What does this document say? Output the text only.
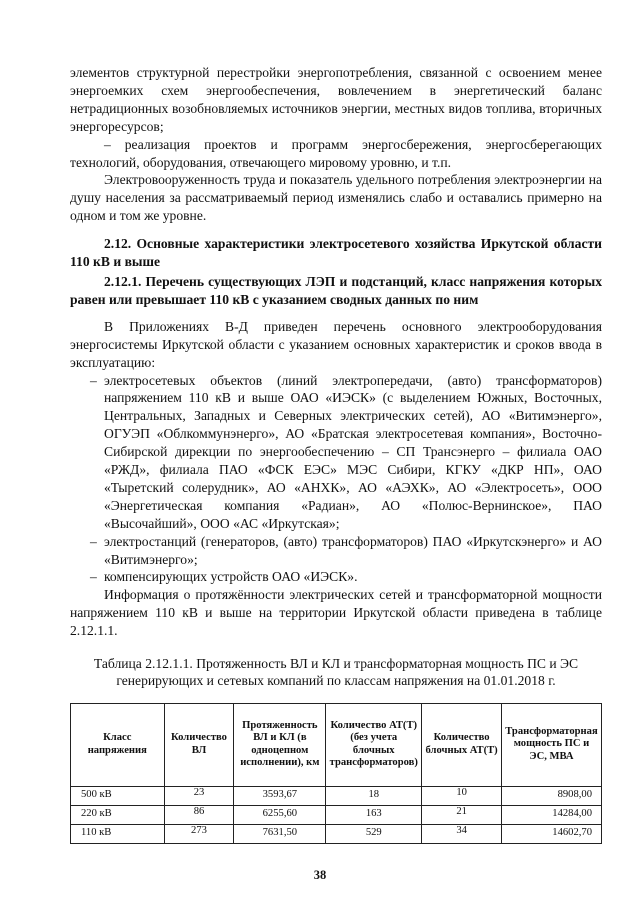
элементов структурной перестройки энергопотребления, связанной с освоением менее энергоемких схем энергообеспечения, вовлечением в энергетический баланс нетрадиционных возобновляемых источников энергии, местных видов топлива, вторичных энергоресурсов;

– реализация проектов и программ энергосбережения, энергосберегающих технологий, оборудования, отвечающего мировому уровню, и т.п.

Электровооруженность труда и показатель удельного потребления электроэнергии на душу населения за рассматриваемый период изменялись слабо и оставались примерно на одном и том же уровне.

2.12. Основные характеристики электросетевого хозяйства Иркутской области 110 кВ и выше

2.12.1. Перечень существующих ЛЭП и подстанций, класс напряжения которых равен или превышает 110 кВ с указанием сводных данных по ним

В Приложениях В-Д приведен перечень основного электрооборудования энергосистемы Иркутской области с указанием основных характеристик и сроков ввода в эксплуатацию:

– электросетевых объектов (линий электропередачи, (авто) трансформаторов) напряжением 110 кВ и выше ОАО «ИЭСК» (с выделением Южных, Восточных, Центральных, Западных и Северных электрических сетей), АО «Витимэнерго», ОГУЭП «Облкоммунэнерго», АО «Братская электросетевая компания», Восточно-Сибирской дирекции по энергообеспечению – СП Трансэнерго – филиала ОАО «РЖД», филиала ПАО «ФСК ЕЭС» МЭС Сибири, КГКУ «ДКР НП», ОАО «Тыретский солерудник», АО «АНХК», АО «АЭХК», АО «Электросеть», ООО «Энергетическая компания «Радиан», АО «Полюс-Вернинское», ПАО «Высочайший», ООО «АС «Иркутская»;
– электростанций (генераторов, (авто) трансформаторов) ПАО «Иркутскэнерго» и АО «Витимэнерго»;
– компенсирующих устройств ОАО «ИЭСК».

Информация о протяжённости электрических сетей и трансформаторной мощности напряжением 110 кВ и выше на территории Иркутской области приведена в таблице 2.12.1.1.

Таблица 2.12.1.1. Протяженность ВЛ и КЛ и трансформаторная мощность ПС и ЭС генерирующих и сетевых компаний по классам напряжения на 01.01.2018 г.

Класс напряжения	Количество ВЛ	Протяженность ВЛ и КЛ (в одноцепном исполнении), км	Количество АТ(Т) (без учета блочных трансформаторов)	Количество блочных АТ(Т)	Трансформаторная мощность ПС и ЭС, МВА
500 кВ	23	3593,67	18	10	8908,00
220 кВ	86	6255,60	163	21	14284,00
110 кВ	273	7631,50	529	34	14602,70
38
